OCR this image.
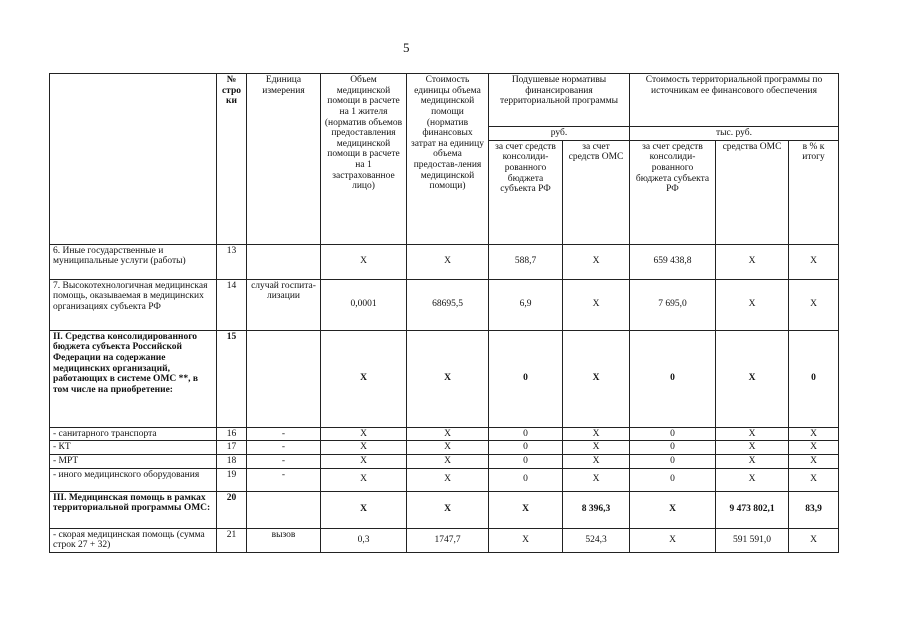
5
	№ стро ки	Единица измерения	Объем медицинской помощи в расчете на 1 жителя (норматив объемов предоставления медицинской помощи в расчете на 1 застрахованное лицо)	Стоимость единицы объема медицинской помощи (норматив финансовых затрат на единицу объема предостав-ления медицинской помощи)	Подушевые нормативы финансирования территориальной программы		Стоимость территориальной программы по источникам ее финансового обеспечения		
					руб.		тыс. руб.		
					за счет средств консолиди-рованного бюджета субъекта РФ	за счет средств ОМС	за счет средств консолиди-рованного бюджета субъекта РФ	средства ОМС	в % к итогу
6. Иные государственные и муниципальные услуги (работы)	13		Х	Х	588,7	Х	659 438,8	Х	Х
7. Высокотехнологичная медицинская помощь, оказываемая в медицинских организациях субъекта РФ	14	случай госпита-лизации	0,0001	68695,5	6,9	Х	7 695,0	Х	Х
II. Средства консолидированного бюджета субъекта Российской Федерации на содержание медицинских организаций, работающих в системе ОМС **, в том числе на приобретение:	15		Х	Х	0	Х	0	Х	0
- санитарного транспорта	16	-	Х	Х	0	Х	0	Х	Х
- КТ	17	-	Х	Х	0	Х	0	Х	Х
- МРТ	18	-	Х	Х	0	Х	0	Х	Х
- иного медицинского оборудования	19	-	Х	Х	0	Х	0	Х	Х
III. Медицинская помощь в рамках территориальной программы ОМС:	20		Х	Х	Х	8 396,3	Х	9 473 802,1	83,9
- скорая медицинская помощь (сумма строк 27 + 32)	21	вызов	0,3	1747,7	Х	524,3	Х	591 591,0	Х
